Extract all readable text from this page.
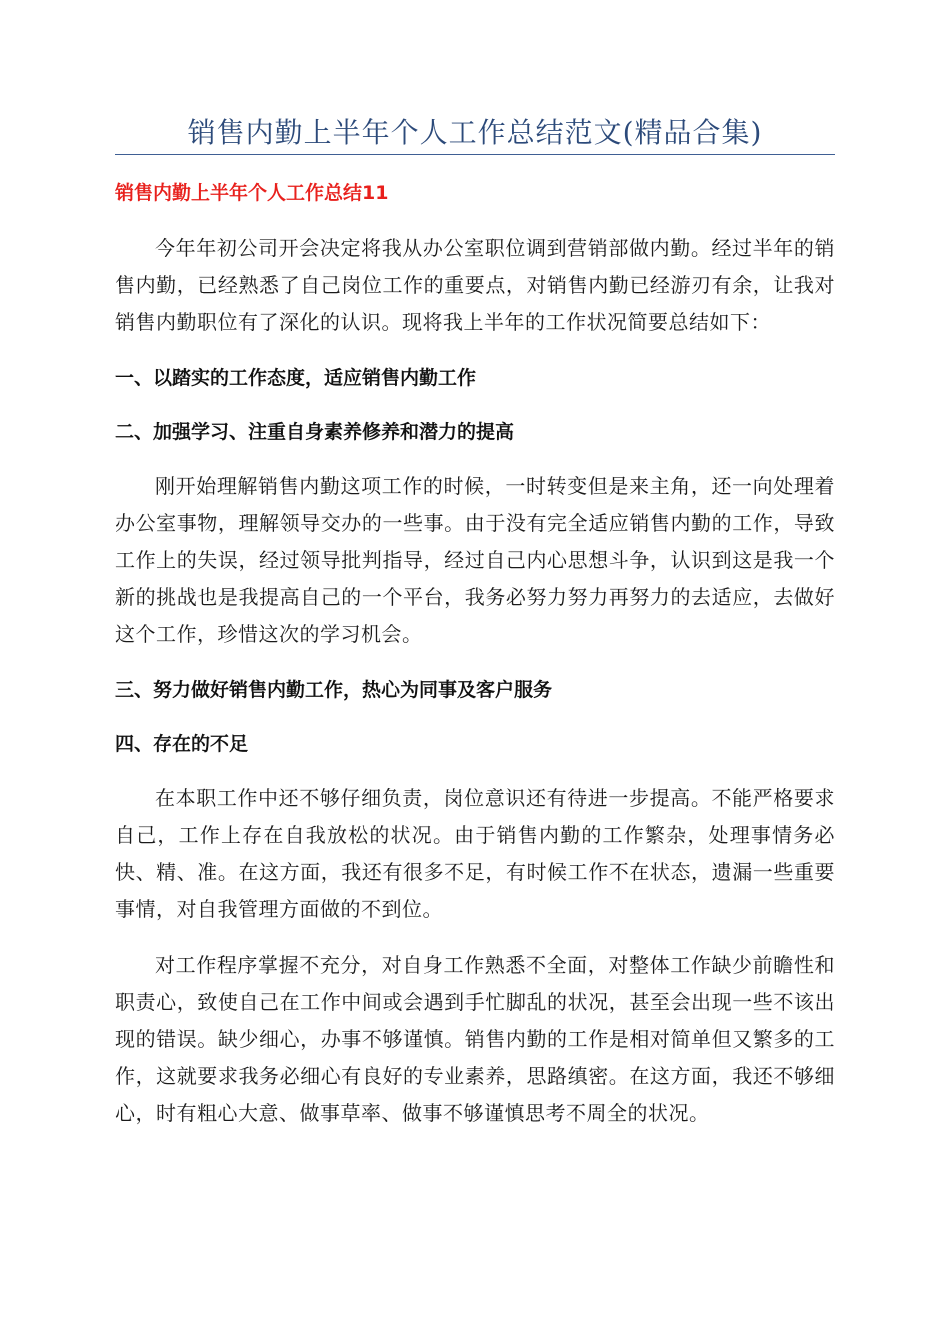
销售内勤上半年个人工作总结范文(精品合集)
销售内勤上半年个人工作总结11

今年年初公司开会决定将我从办公室职位调到营销部做内勤。经过半年的销售内勤，已经熟悉了自己岗位工作的重要点，对销售内勤已经游刃有余，让我对销售内勤职位有了深化的认识。现将我上半年的工作状况简要总结如下：

一、以踏实的工作态度，适应销售内勤工作
二、加强学习、注重自身素养修养和潜力的提高

刚开始理解销售内勤这项工作的时候，一时转变但是来主角，还一向处理着办公室事物，理解领导交办的一些事。由于没有完全适应销售内勤的工作，导致工作上的失误，经过领导批判指导，经过自己内心思想斗争，认识到这是我一个新的挑战也是我提高自己的一个平台，我务必努力努力再努力的去适应，去做好这个工作，珍惜这次的学习机会。

三、努力做好销售内勤工作，热心为同事及客户服务
四、存在的不足

在本职工作中还不够仔细负责，岗位意识还有待进一步提高。不能严格要求自己，工作上存在自我放松的状况。由于销售内勤的工作繁杂，处理事情务必快、精、准。在这方面，我还有很多不足，有时候工作不在状态，遗漏一些重要事情，对自我管理方面做的不到位。

对工作程序掌握不充分，对自身工作熟悉不全面，对整体工作缺少前瞻性和职责心，致使自己在工作中间或会遇到手忙脚乱的状况，甚至会出现一些不该出现的错误。缺少细心，办事不够谨慎。销售内勤的工作是相对简单但又繁多的工作，这就要求我务必细心有良好的专业素养，思路缜密。在这方面，我还不够细心，时有粗心大意、做事草率、做事不够谨慎思考不周全的状况。
